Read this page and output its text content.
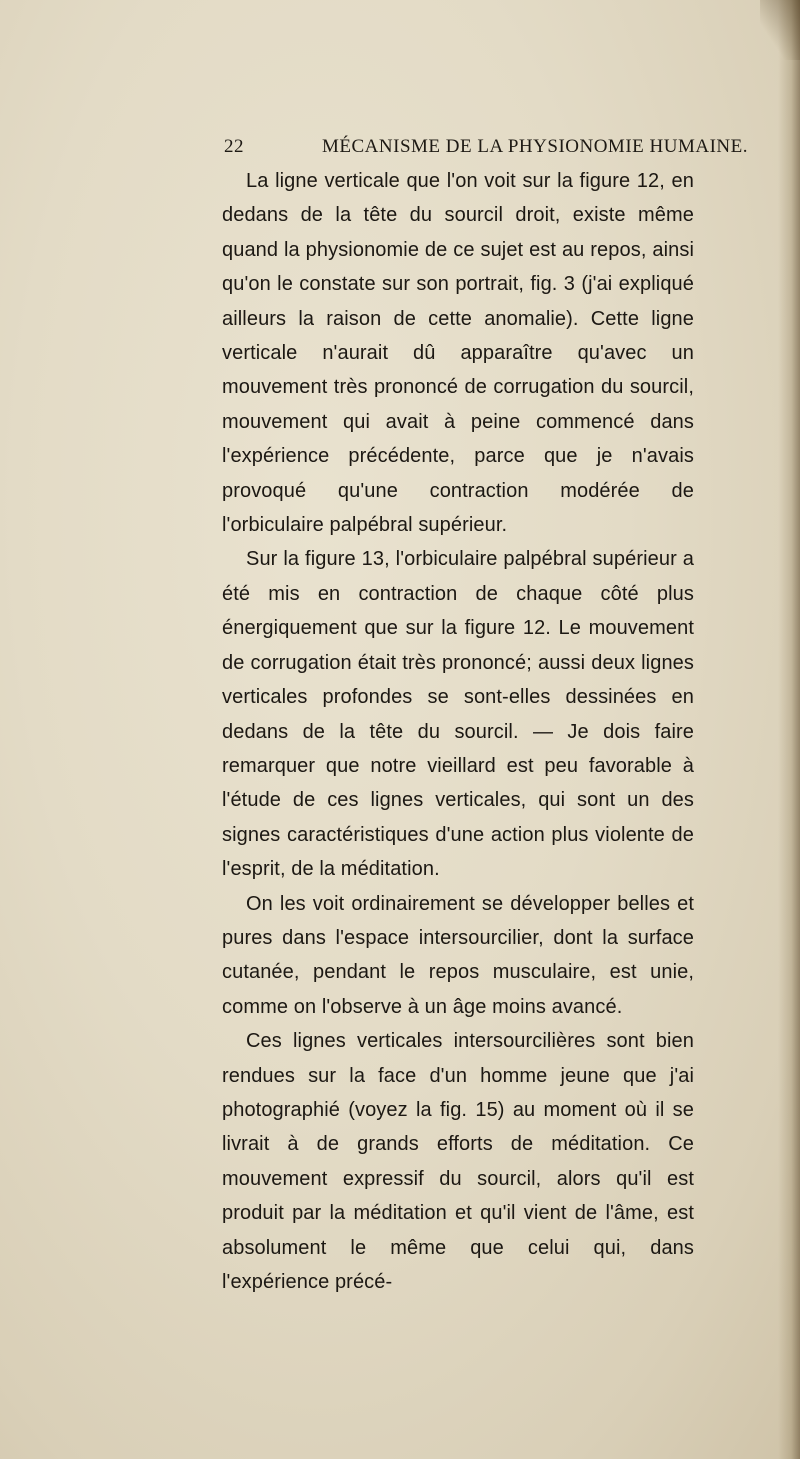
22	MÉCANISME DE LA PHYSIONOMIE HUMAINE.

La ligne verticale que l'on voit sur la figure 12, en dedans de la tête du sourcil droit, existe même quand la physionomie de ce sujet est au repos, ainsi qu'on le constate sur son portrait, fig. 3 (j'ai expliqué ailleurs la raison de cette anomalie). Cette ligne verticale n'aurait dû apparaître qu'avec un mouvement très prononcé de corrugation du sourcil, mouvement qui avait à peine commencé dans l'expérience précédente, parce que je n'avais provoqué qu'une contraction modérée de l'orbiculaire palpébral supérieur.

Sur la figure 13, l'orbiculaire palpébral supérieur a été mis en contraction de chaque côté plus énergiquement que sur la figure 12. Le mouvement de corrugation était très prononcé; aussi deux lignes verticales profondes se sont-elles dessinées en dedans de la tête du sourcil. — Je dois faire remarquer que notre vieillard est peu favorable à l'étude de ces lignes verticales, qui sont un des signes caractéristiques d'une action plus violente de l'esprit, de la méditation.

On les voit ordinairement se développer belles et pures dans l'espace intersourcilier, dont la surface cutanée, pendant le repos musculaire, est unie, comme on l'observe à un âge moins avancé.

Ces lignes verticales intersourcilières sont bien rendues sur la face d'un homme jeune que j'ai photographié (voyez la fig. 15) au moment où il se livrait à de grands efforts de méditation. Ce mouvement expressif du sourcil, alors qu'il est produit par la méditation et qu'il vient de l'âme, est absolument le même que celui qui, dans l'expérience précé-
